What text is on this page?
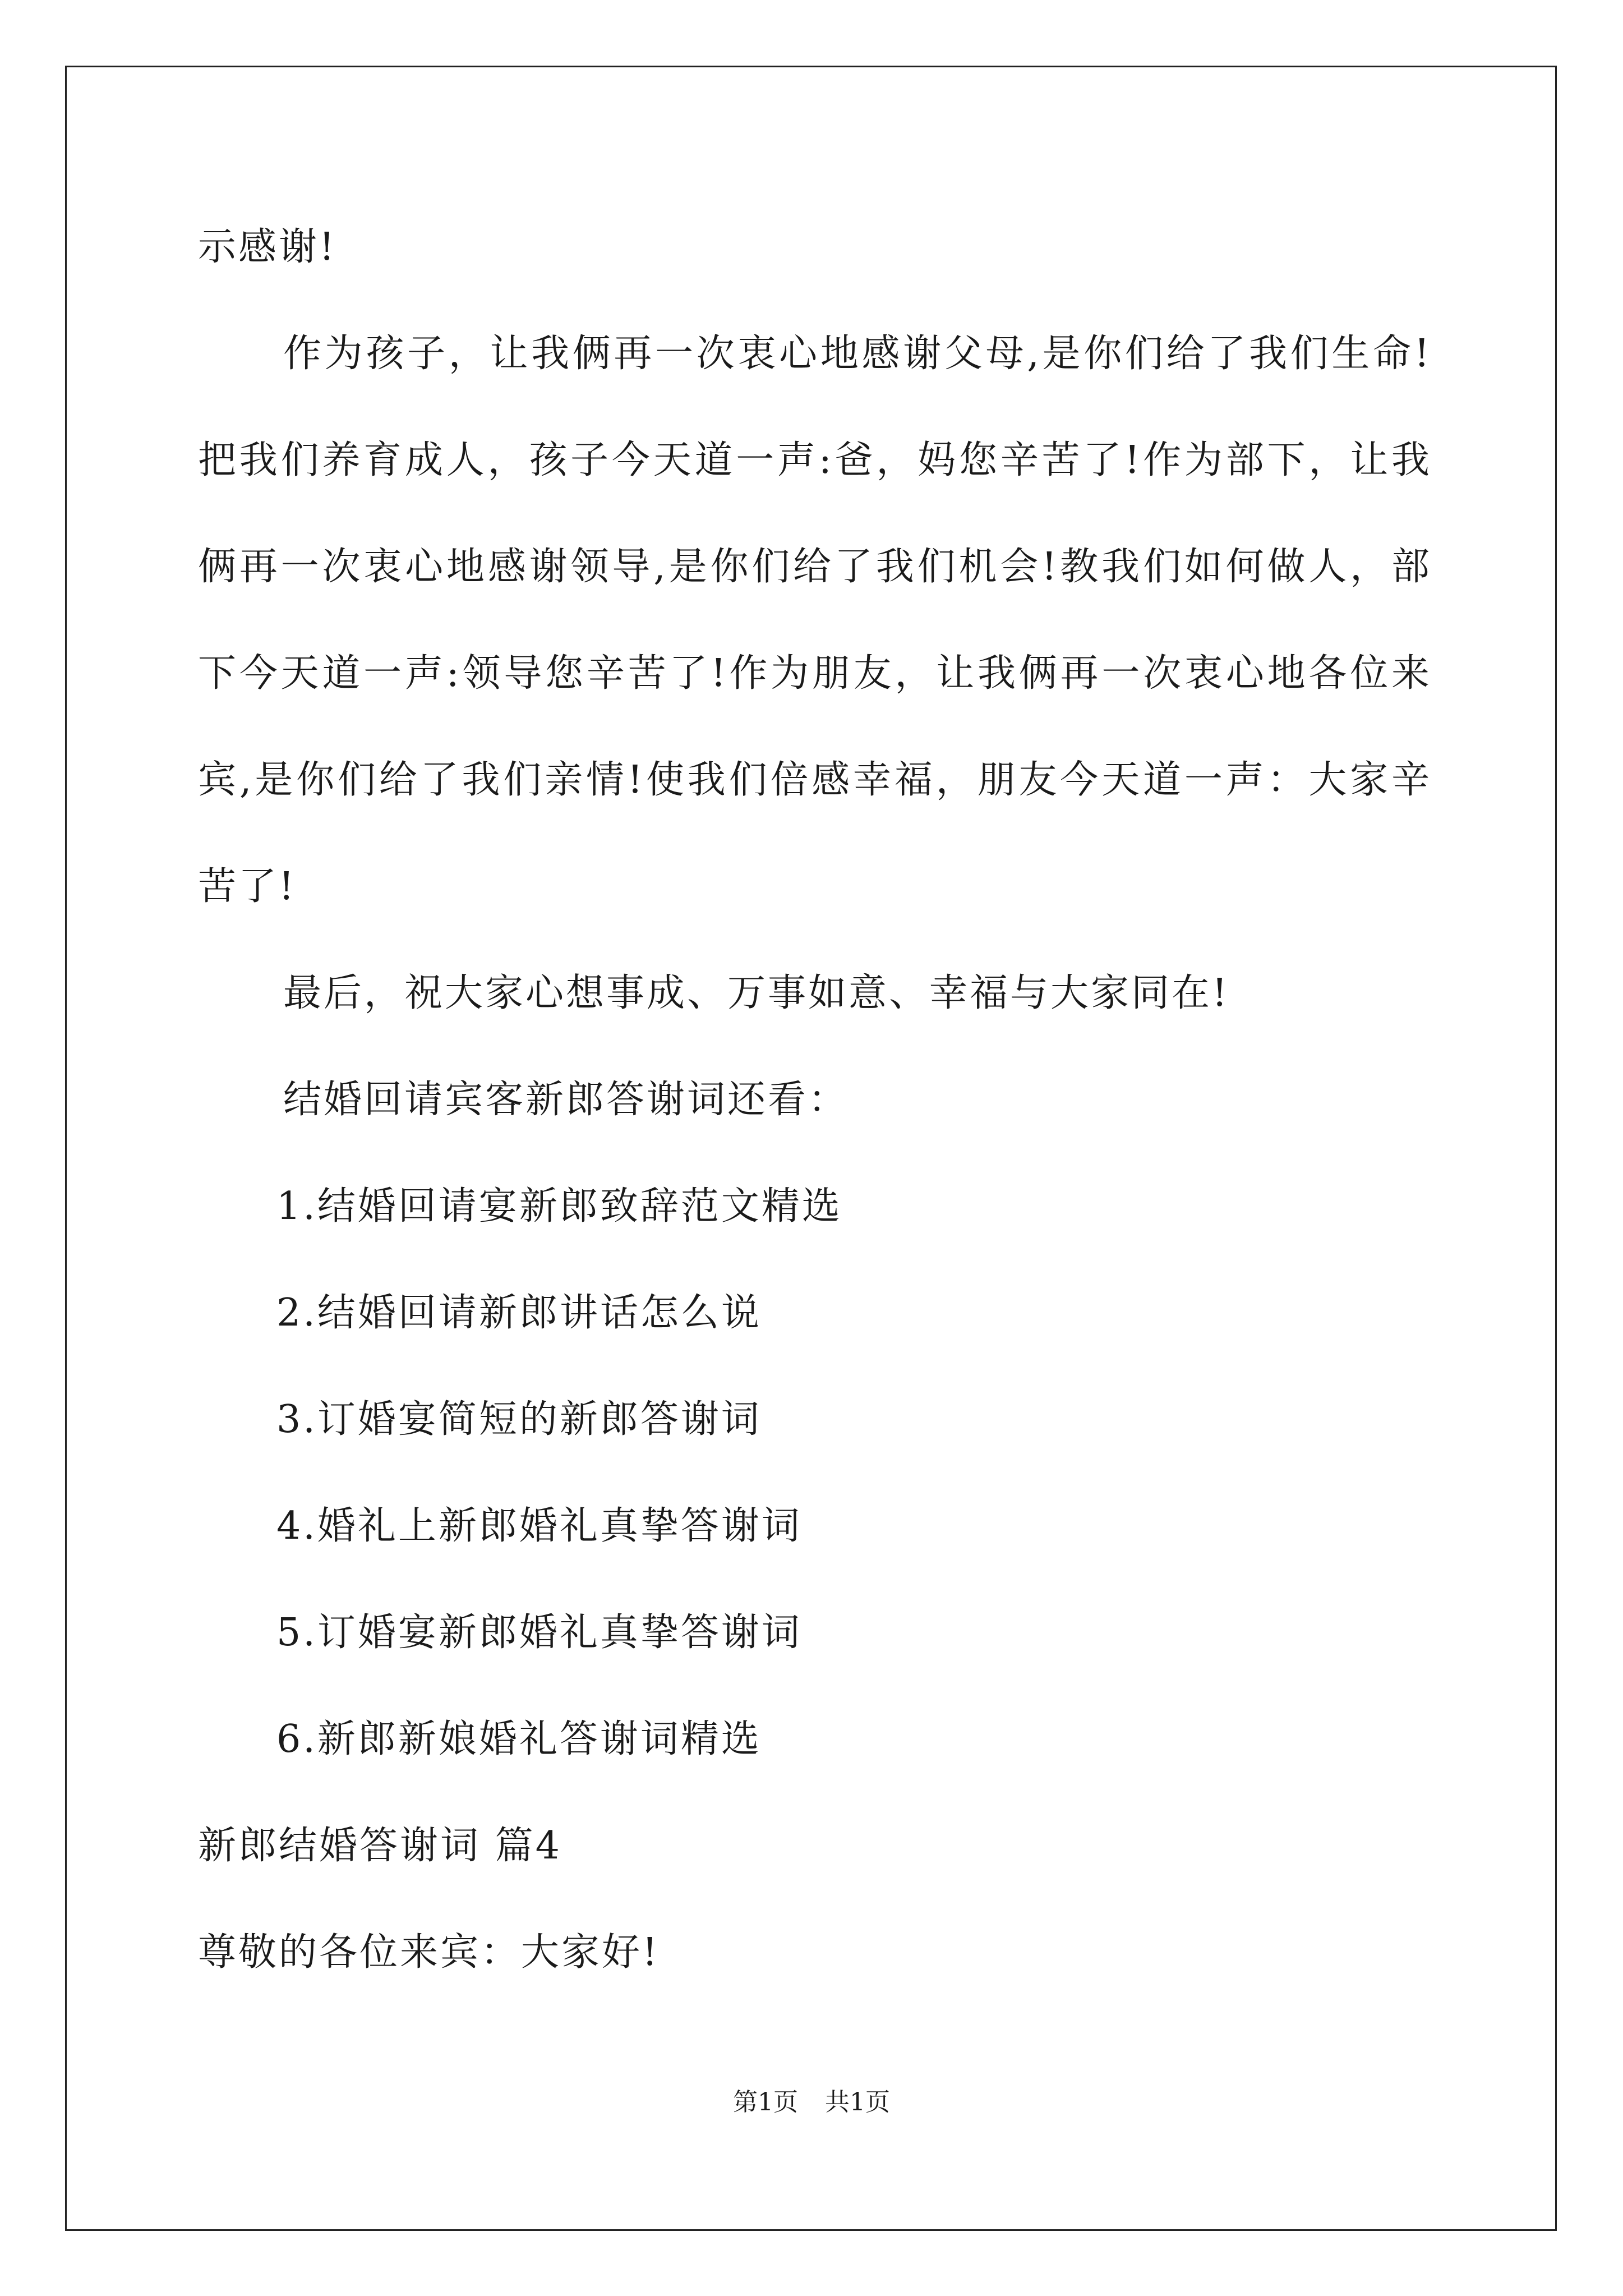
示感谢!

作为孩子，让我俩再一次衷心地感谢父母,是你们给了我们生命!把我们养育成人，孩子今天道一声:爸，妈您辛苦了!作为部下，让我俩再一次衷心地感谢领导,是你们给了我们机会!教我们如何做人，部下今天道一声:领导您辛苦了!作为朋友，让我俩再一次衷心地各位来宾,是你们给了我们亲情!使我们倍感幸福，朋友今天道一声：大家辛苦了!

最后，祝大家心想事成、万事如意、幸福与大家同在!

结婚回请宾客新郎答谢词还看：

1.结婚回请宴新郎致辞范文精选

2.结婚回请新郎讲话怎么说

3.订婚宴简短的新郎答谢词

4.婚礼上新郎婚礼真挚答谢词

5.订婚宴新郎婚礼真挚答谢词

6.新郎新娘婚礼答谢词精选

新郎结婚答谢词 篇4

尊敬的各位来宾：大家好!

第1页 共1页
